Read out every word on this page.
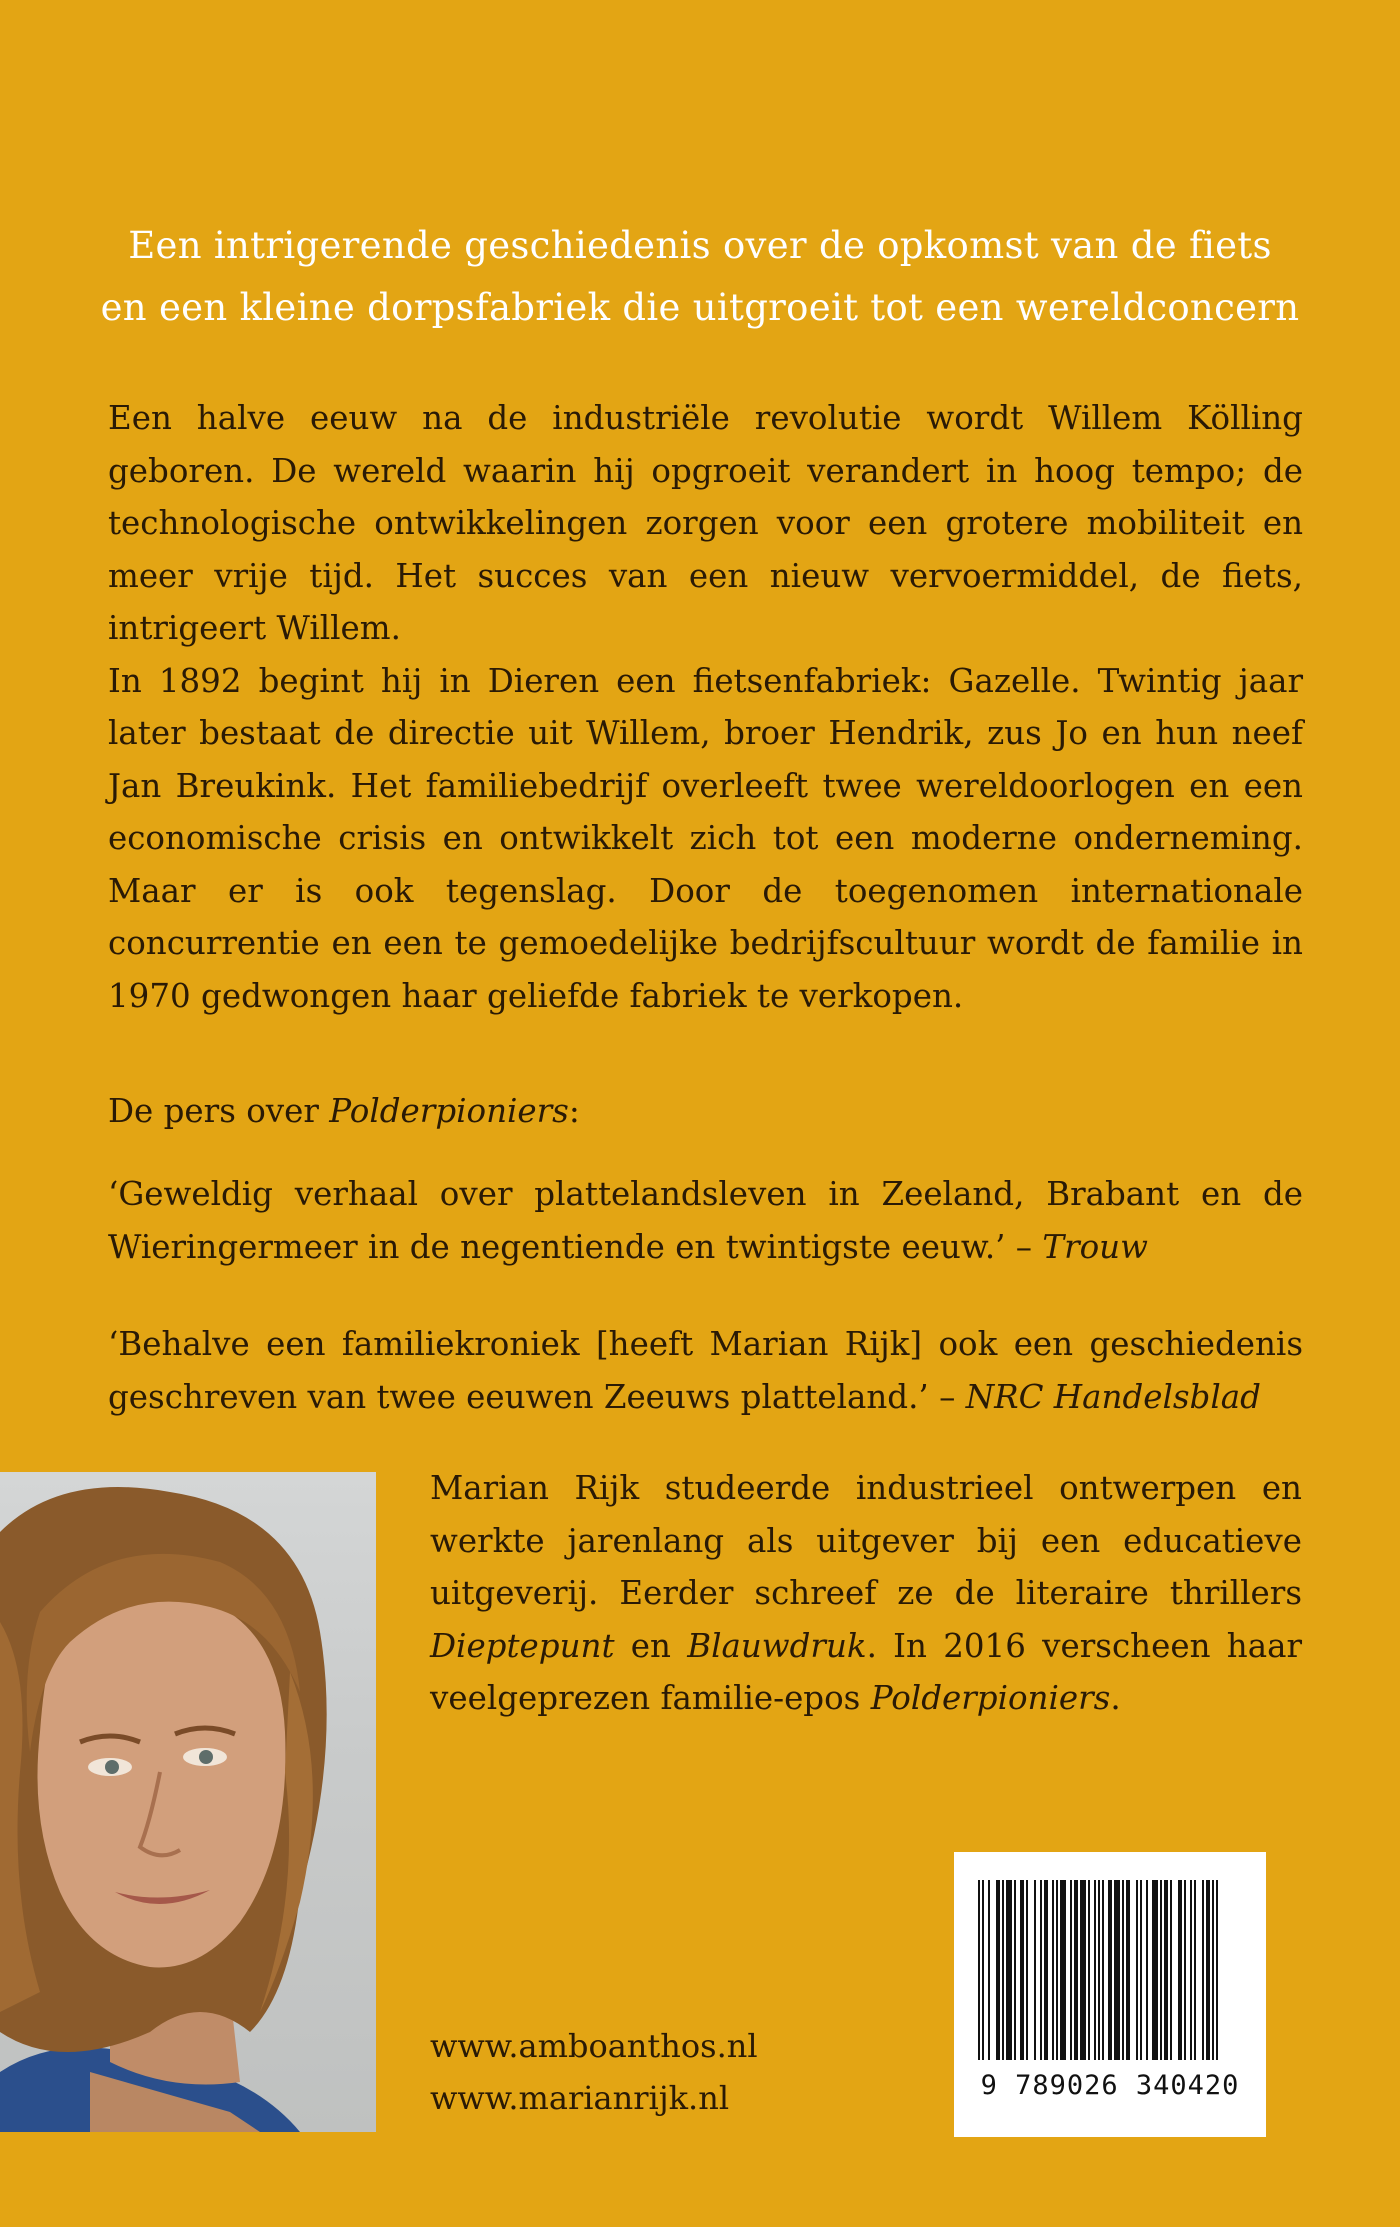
Een intrigerende geschiedenis over de opkomst van de fiets
en een kleine dorpsfabriek die uitgroeit tot een wereldconcern

Een halve eeuw na de industriële revolutie wordt Willem Kölling geboren. De wereld waarin hij opgroeit verandert in hoog tempo; de technologische ontwikkelingen zorgen voor een grotere mobiliteit en meer vrije tijd. Het succes van een nieuw vervoermiddel, de fiets, intrigeert Willem.

In 1892 begint hij in Dieren een fietsenfabriek: Gazelle. Twintig jaar later bestaat de directie uit Willem, broer Hendrik, zus Jo en hun neef Jan Breukink. Het familiebedrijf overleeft twee wereldoorlogen en een economische crisis en ontwikkelt zich tot een moderne onderneming. Maar er is ook tegenslag. Door de toegenomen internationale concurrentie en een te gemoedelijke bedrijfscultuur wordt de familie in 1970 gedwongen haar geliefde fabriek te verkopen.

De pers over Polderpioniers:

‘Geweldig verhaal over plattelandsleven in Zeeland, Brabant en de Wieringermeer in de negentiende en twintigste eeuw.’ – Trouw

‘Behalve een familiekroniek [heeft Marian Rijk] ook een geschiedenis geschreven van twee eeuwen Zeeuws platteland.’ – NRC Handelsblad

Marian Rijk studeerde industrieel ontwerpen en werkte jarenlang als uitgever bij een educatieve uitgeverij. Eerder schreef ze de literaire thrillers Dieptepunt en Blauwdruk. In 2016 verscheen haar veelgeprezen familie-epos Polderpioniers.

www.amboanthos.nl
www.marianrijk.nl	9 789026 340420
